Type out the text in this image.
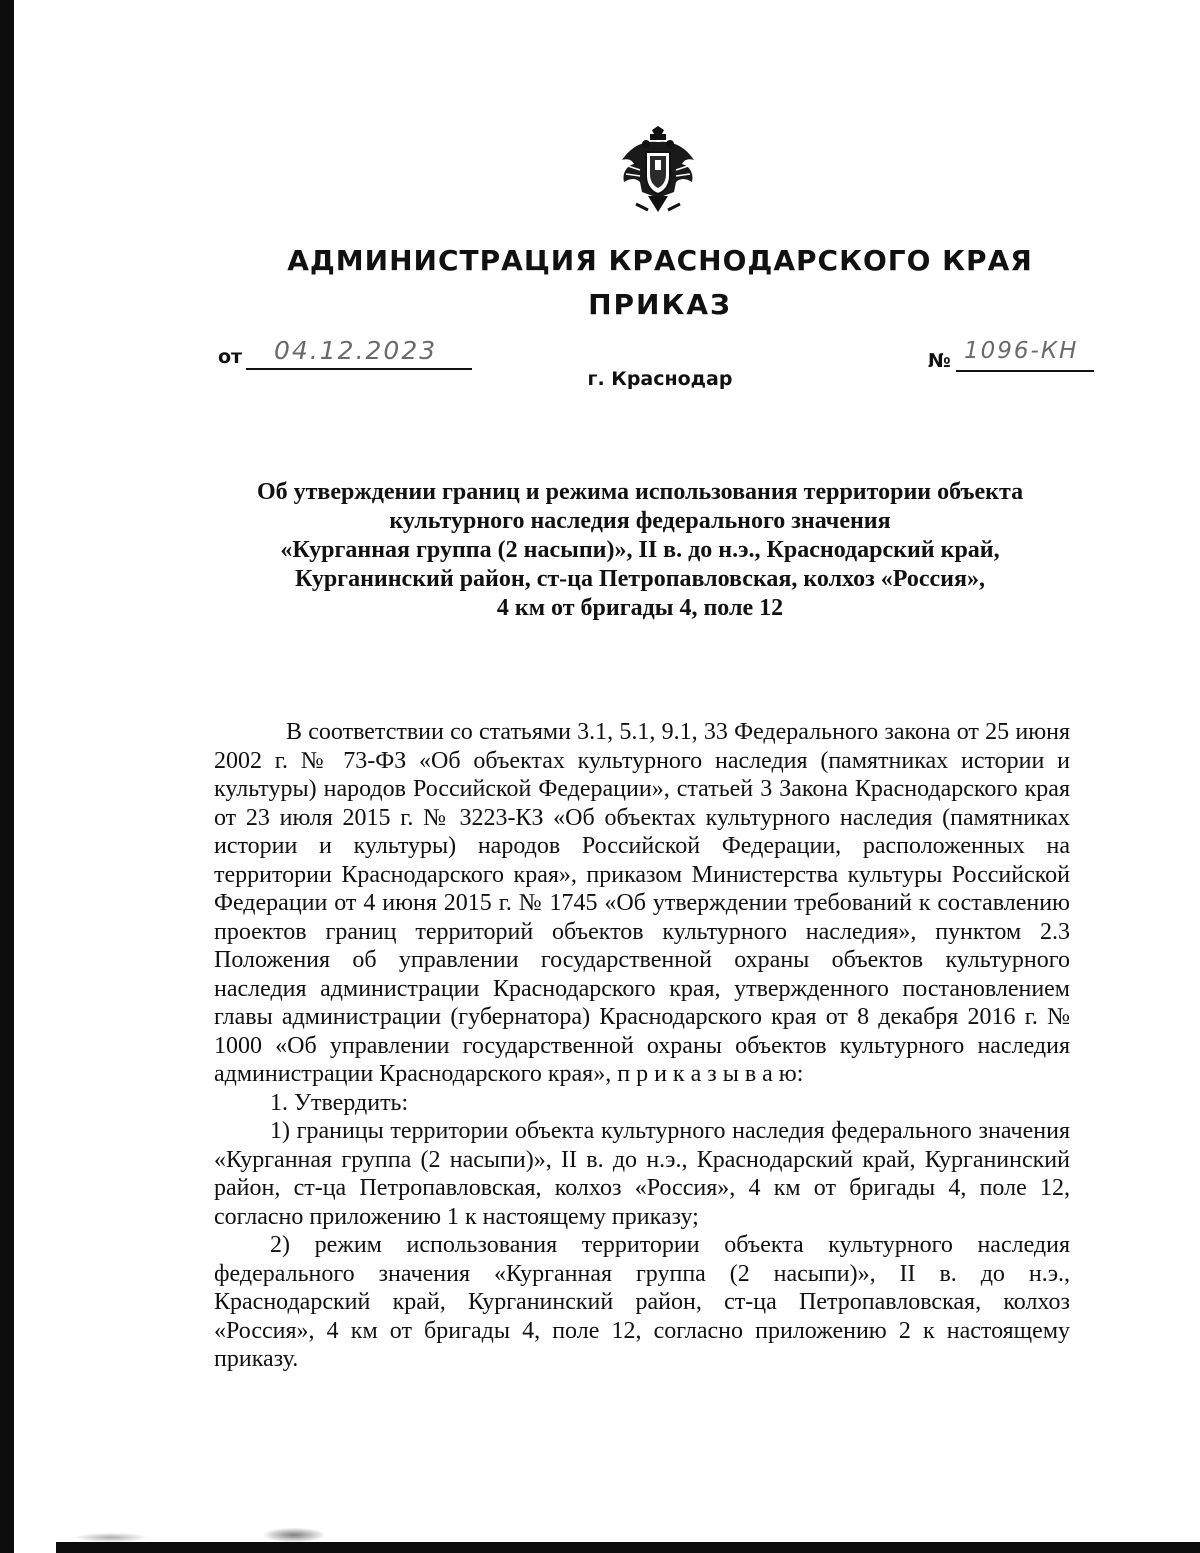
АДМИНИСТРАЦИЯ КРАСНОДАРСКОГО КРАЯ
ПРИКАЗ
от 04.12.2023	№ 1096-КН
г. Краснодар
Об утверждении границ и режима использования территории объекта
культурного наследия федерального значения
«Курганная группа (2 насыпи)», II в. до н.э., Краснодарский край,
Курганинский район, ст-ца Петропавловская, колхоз «Россия»,
4 км от бригады 4, поле 12

В соответствии со статьями 3.1, 5.1, 9.1, 33 Федерального закона от 25 июня 2002 г. № 73-ФЗ «Об объектах культурного наследия (памятниках истории и культуры) народов Российской Федерации», статьей 3 Закона Краснодарского края от 23 июля 2015 г. № 3223-КЗ «Об объектах культурного наследия (памятниках истории и культуры) народов Российской Федерации, расположенных на территории Краснодарского края», приказом Министерства культуры Российской Федерации от 4 июня 2015 г. № 1745 «Об утверждении требований к составлению проектов границ территорий объектов культурного наследия», пунктом 2.3 Положения об управлении государственной охраны объектов культурного наследия администрации Краснодарского края, утвержденного постановлением главы администрации (губернатора) Краснодарского края от 8 декабря 2016 г. № 1000 «Об управлении государственной охраны объектов культурного наследия администрации Краснодарского края», п р и к а з ы в а ю:

1. Утвердить:

1) границы территории объекта культурного наследия федерального значения «Курганная группа (2 насыпи)», II в. до н.э., Краснодарский край, Курганинский район, ст-ца Петропавловская, колхоз «Россия», 4 км от бригады 4, поле 12, согласно приложению 1 к настоящему приказу;

2) режим использования территории объекта культурного наследия федерального значения «Курганная группа (2 насыпи)», II в. до н.э., Краснодарский край, Курганинский район, ст-ца Петропавловская, колхоз «Россия», 4 км от бригады 4, поле 12, согласно приложению 2 к настоящему приказу.
